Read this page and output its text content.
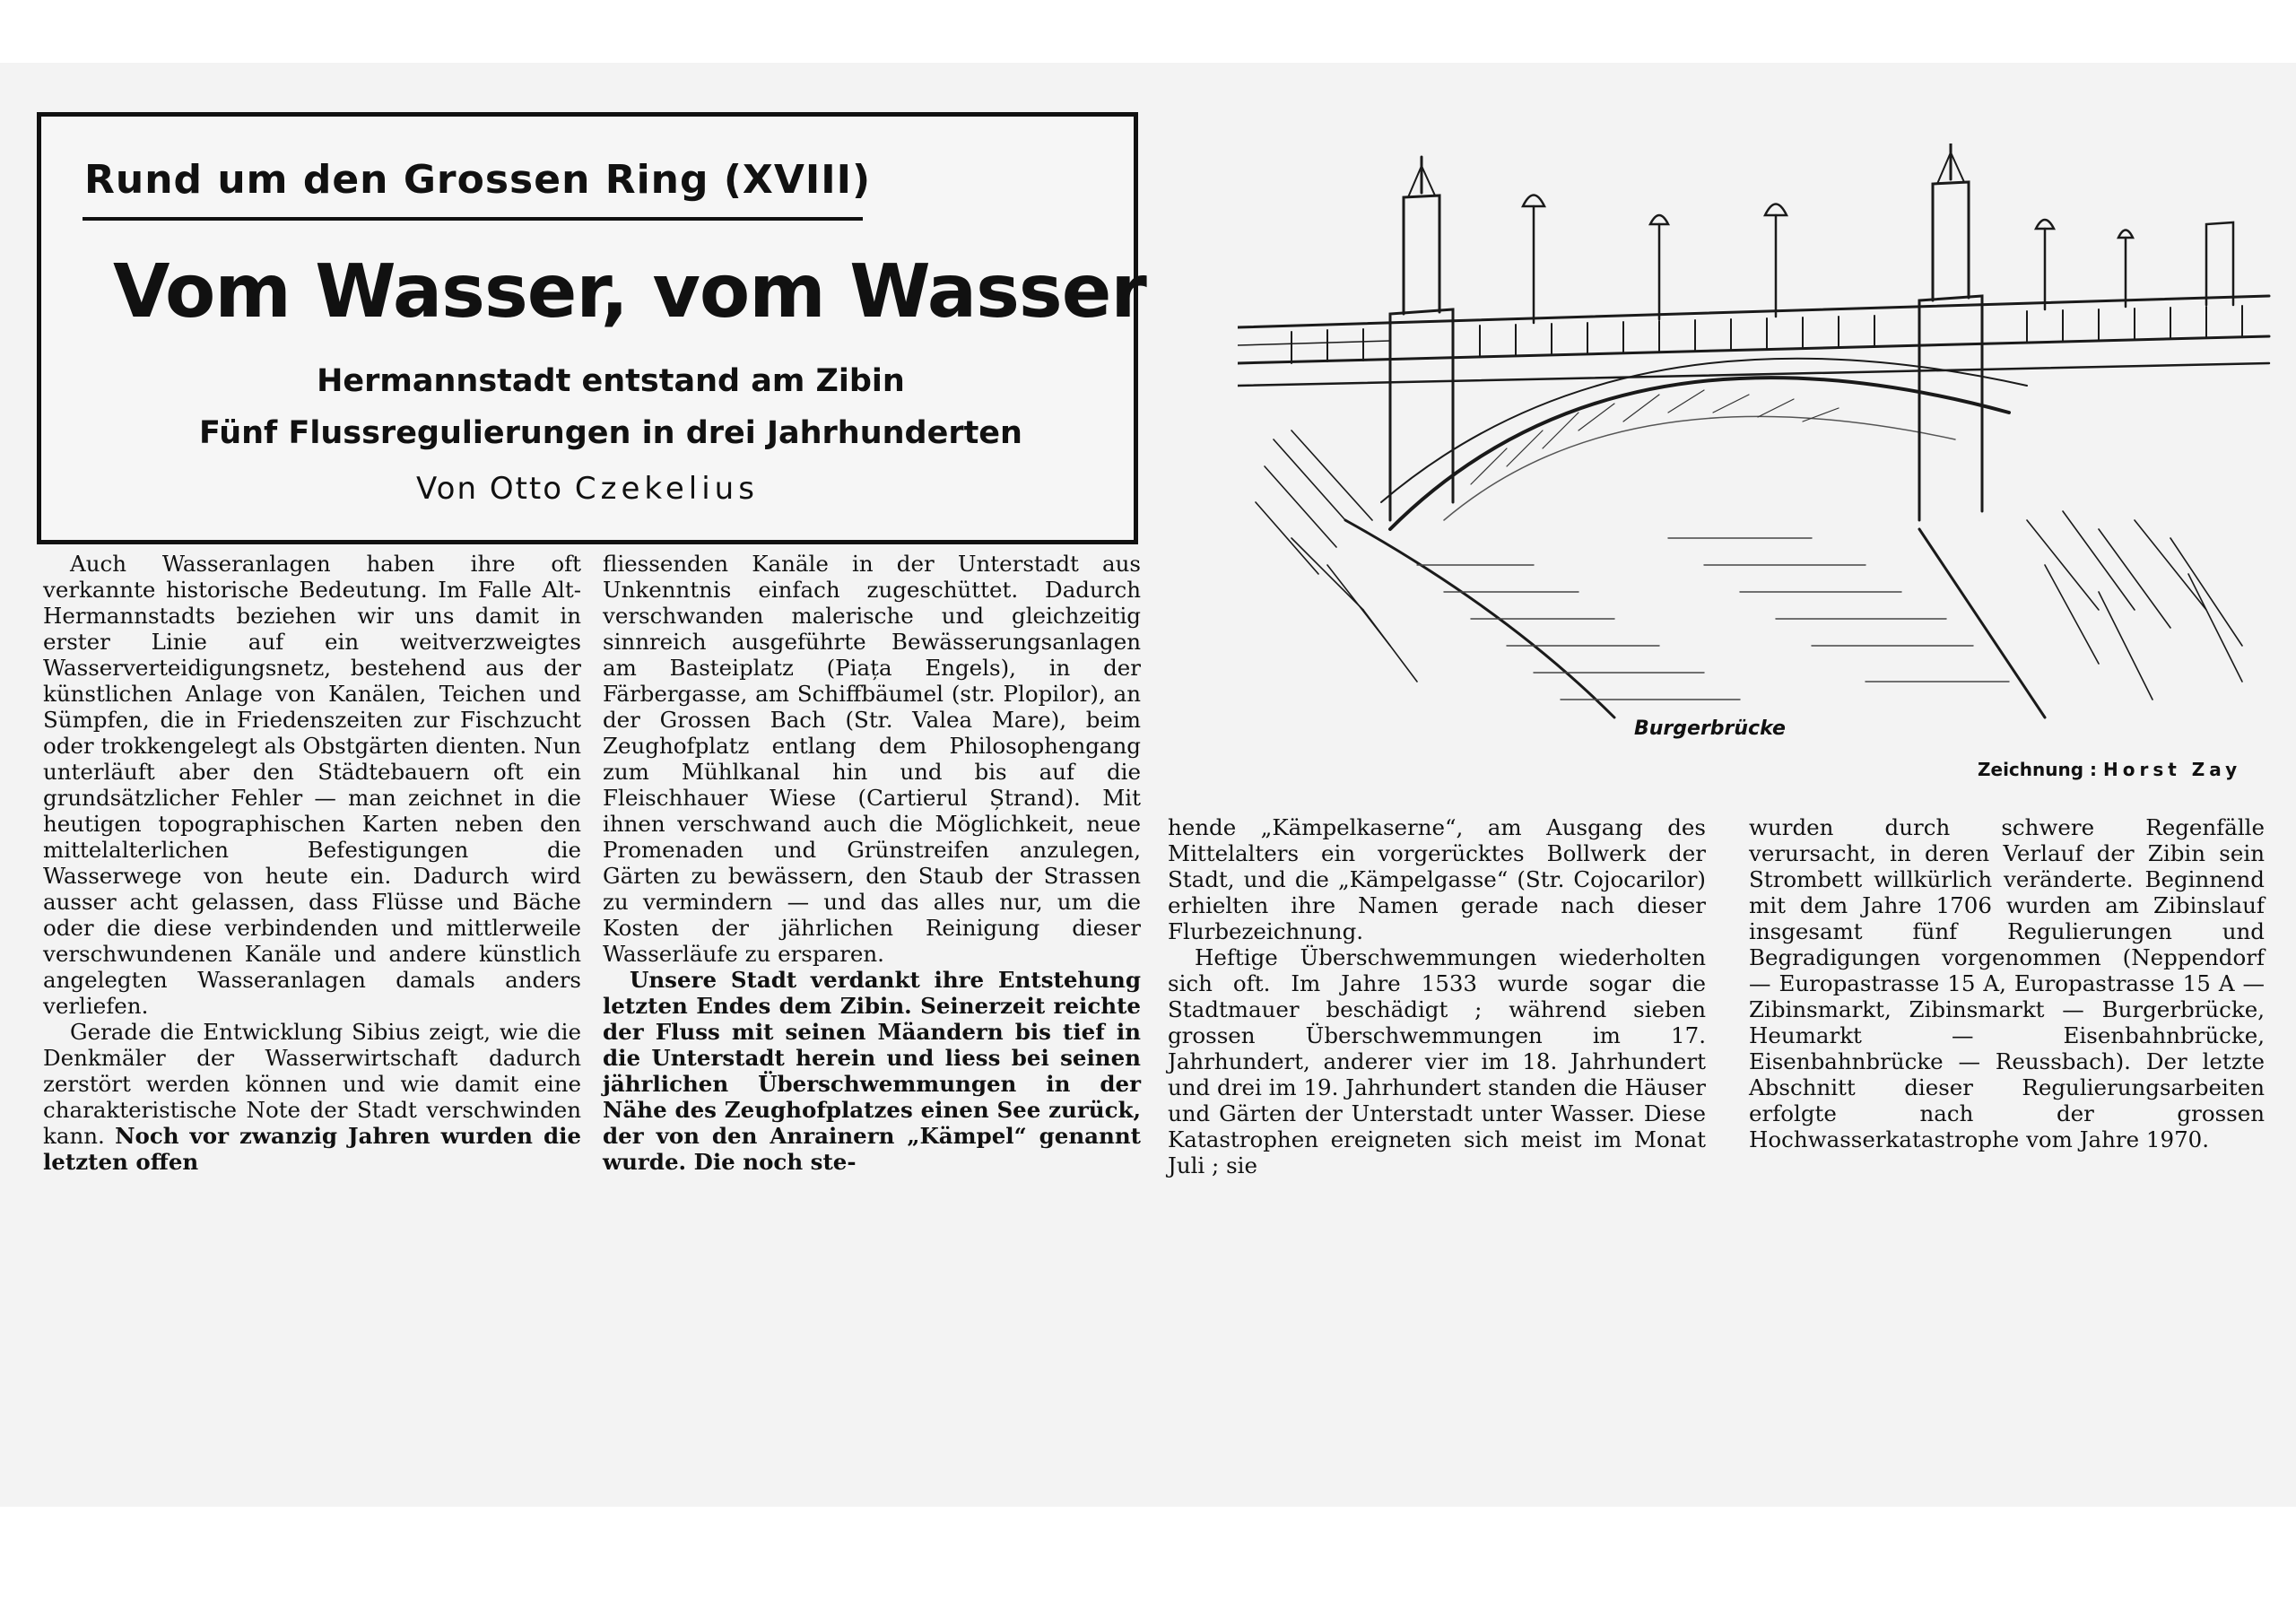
Rund um den Grossen Ring (XVIII)
Vom Wasser, vom Wasser
Hermannstadt entstand am Zibin
Fünf Flussregulierungen in drei Jahrhunderten
Von Otto Czekelius
Burgerbrücke
Zeichnung : Horst Zay

Auch Wasseranlagen haben ihre oft verkannte historische Bedeutung. Im Falle Alt-Hermannstadts beziehen wir uns damit in erster Linie auf ein weitverzweigtes Wasserverteidigungsnetz, bestehend aus der künstlichen Anlage von Kanälen, Teichen und Sümpfen, die in Friedenszeiten zur Fischzucht oder trokkengelegt als Obstgärten dienten. Nun unterläuft aber den Städtebauern oft ein grundsätzlicher Fehler — man zeichnet in die heutigen topographischen Karten neben den mittelalterlichen Befestigungen die Wasserwege von heute ein. Dadurch wird ausser acht gelassen, dass Flüsse und Bäche oder die diese verbindenden und mittlerweile verschwundenen Kanäle und andere künstlich angelegten Wasseranlagen damals anders verliefen.

Gerade die Entwicklung Sibius zeigt, wie die Denkmäler der Wasserwirtschaft dadurch zerstört werden können und wie damit eine charakteristische Note der Stadt verschwinden kann. Noch vor zwanzig Jahren wurden die letzten offen

fliessenden Kanäle in der Unterstadt aus Unkenntnis einfach zugeschüttet. Dadurch verschwanden malerische und gleichzeitig sinnreich ausgeführte Bewässerungsanlagen am Basteiplatz (Piața Engels), in der Färbergasse, am Schiffbäumel (str. Plopilor), an der Grossen Bach (Str. Valea Mare), beim Zeughofplatz entlang dem Philosophengang zum Mühlkanal hin und bis auf die Fleischhauer Wiese (Cartierul Ștrand). Mit ihnen verschwand auch die Möglichkeit, neue Promenaden und Grünstreifen anzulegen, Gärten zu bewässern, den Staub der Strassen zu vermindern — und das alles nur, um die Kosten der jährlichen Reinigung dieser Wasserläufe zu ersparen.

Unsere Stadt verdankt ihre Entstehung letzten Endes dem Zibin. Seinerzeit reichte der Fluss mit seinen Mäandern bis tief in die Unterstadt herein und liess bei seinen jährlichen Überschwemmungen in der Nähe des Zeughofplatzes einen See zurück, der von den Anrainern „Kämpel“ genannt wurde. Die noch ste-

hende „Kämpelkaserne“, am Ausgang des Mittelalters ein vorgerücktes Bollwerk der Stadt, und die „Kämpelgasse“ (Str. Cojocarilor) erhielten ihre Namen gerade nach dieser Flurbezeichnung.

Heftige Überschwemmungen wiederholten sich oft. Im Jahre 1533 wurde sogar die Stadtmauer beschädigt ; während sieben grossen Überschwemmungen im 17. Jahrhundert, anderer vier im 18. Jahrhundert und drei im 19. Jahrhundert standen die Häuser und Gärten der Unterstadt unter Wasser. Diese Katastrophen ereigneten sich meist im Monat Juli ; sie

wurden durch schwere Regenfälle verursacht, in deren Verlauf der Zibin sein Strombett willkürlich veränderte. Beginnend mit dem Jahre 1706 wurden am Zibinslauf insgesamt fünf Regulierungen und Begradigungen vorgenommen (Neppendorf — Europastrasse 15 A, Europastrasse 15 A — Zibinsmarkt, Zibinsmarkt — Burgerbrücke, Heumarkt — Eisenbahnbrücke, Eisenbahnbrücke — Reussbach). Der letzte Abschnitt dieser Regulierungsarbeiten erfolgte nach der grossen Hochwasserkatastrophe vom Jahre 1970.
